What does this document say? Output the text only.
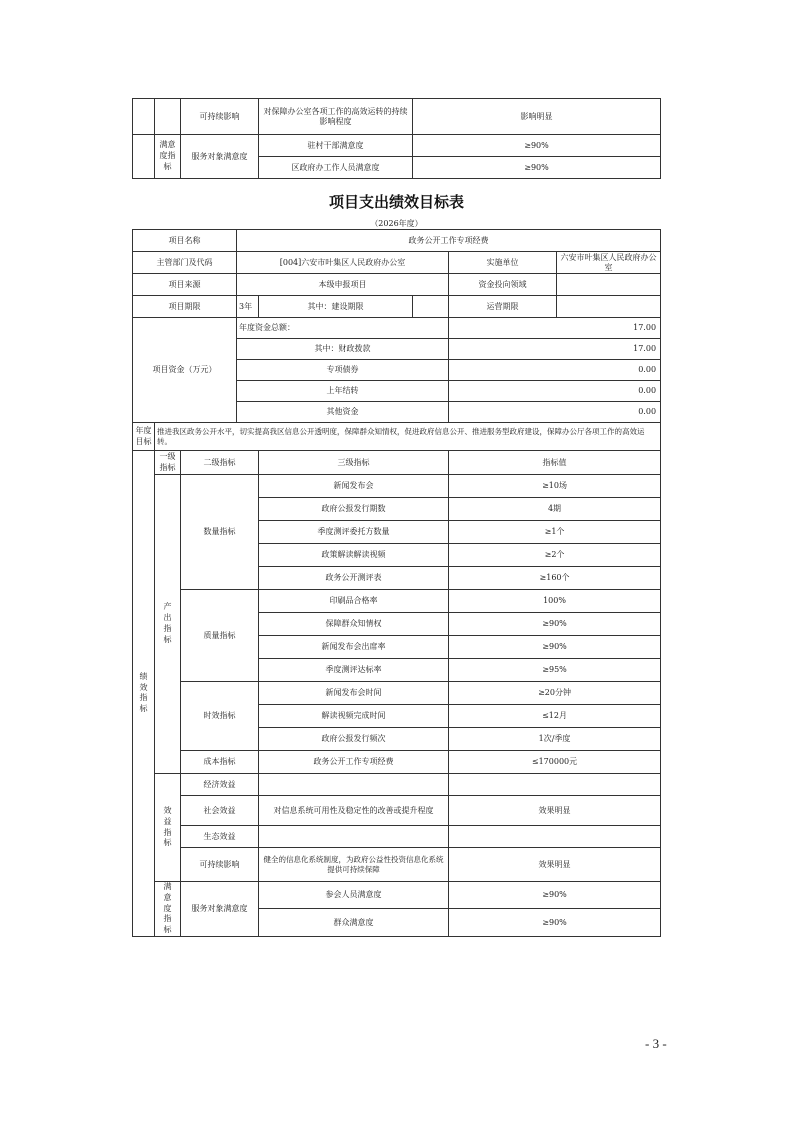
		可持续影响	对保障办公室各项工作的高效运转的持续影响程度	影响明显
	满意度指标	服务对象满意度	驻村干部满意度	≥90%
			区政府办工作人员满意度	≥90%
项目支出绩效目标表
（2026年度）
项目名称			政务公开工作专项经费				
主管部门及代码			[004]六安市叶集区人民政府办公室			实施单位	六安市叶集区人民政府办公室
项目来源			本级申报项目			资金投向领域	
项目期限			3年	其中：建设期限		运营期限	
项目资金（万元）			年度资金总额：			17.00	
			其中：财政拨款			17.00	
			专项债券			0.00	
			上年结转			0.00	
			其他资金			0.00	
年度目标	推进我区政务公开水平，切实提高我区信息公开透明度，保障群众知情权，促进政府信息公开、推进服务型政府建设，保障办公厅各项工作的高效运转。						
绩效指标	一级指标	二级指标		三级指标		指标值	
	产出指标	数量指标		新闻发布会		≥10场	
				政府公报发行期数		4期	
				季度测评委托方数量		≥1个	
				政策解读解读视频		≥2个	
				政务公开测评表		≥160个	
		质量指标		印刷品合格率		100%	
				保障群众知情权		≥90%	
				新闻发布会出席率		≥90%	
				季度测评达标率		≥95%	
		时效指标		新闻发布会时间		≥20分钟	
				解读视频完成时间		≤12月	
				政府公报发行频次		1次/季度	
		成本指标		政务公开工作专项经费		≤170000元	
	效益指标	经济效益					
		社会效益		对信息系统可用性及稳定性的改善或提升程度		效果明显	
		生态效益					
		可持续影响		健全的信息化系统制度，为政府公益性投资信息化系统提供可持续保障		效果明显	
	满意度指标	服务对象满意度		参会人员满意度		≥90%	
				群众满意度		≥90%	
- 3 -
